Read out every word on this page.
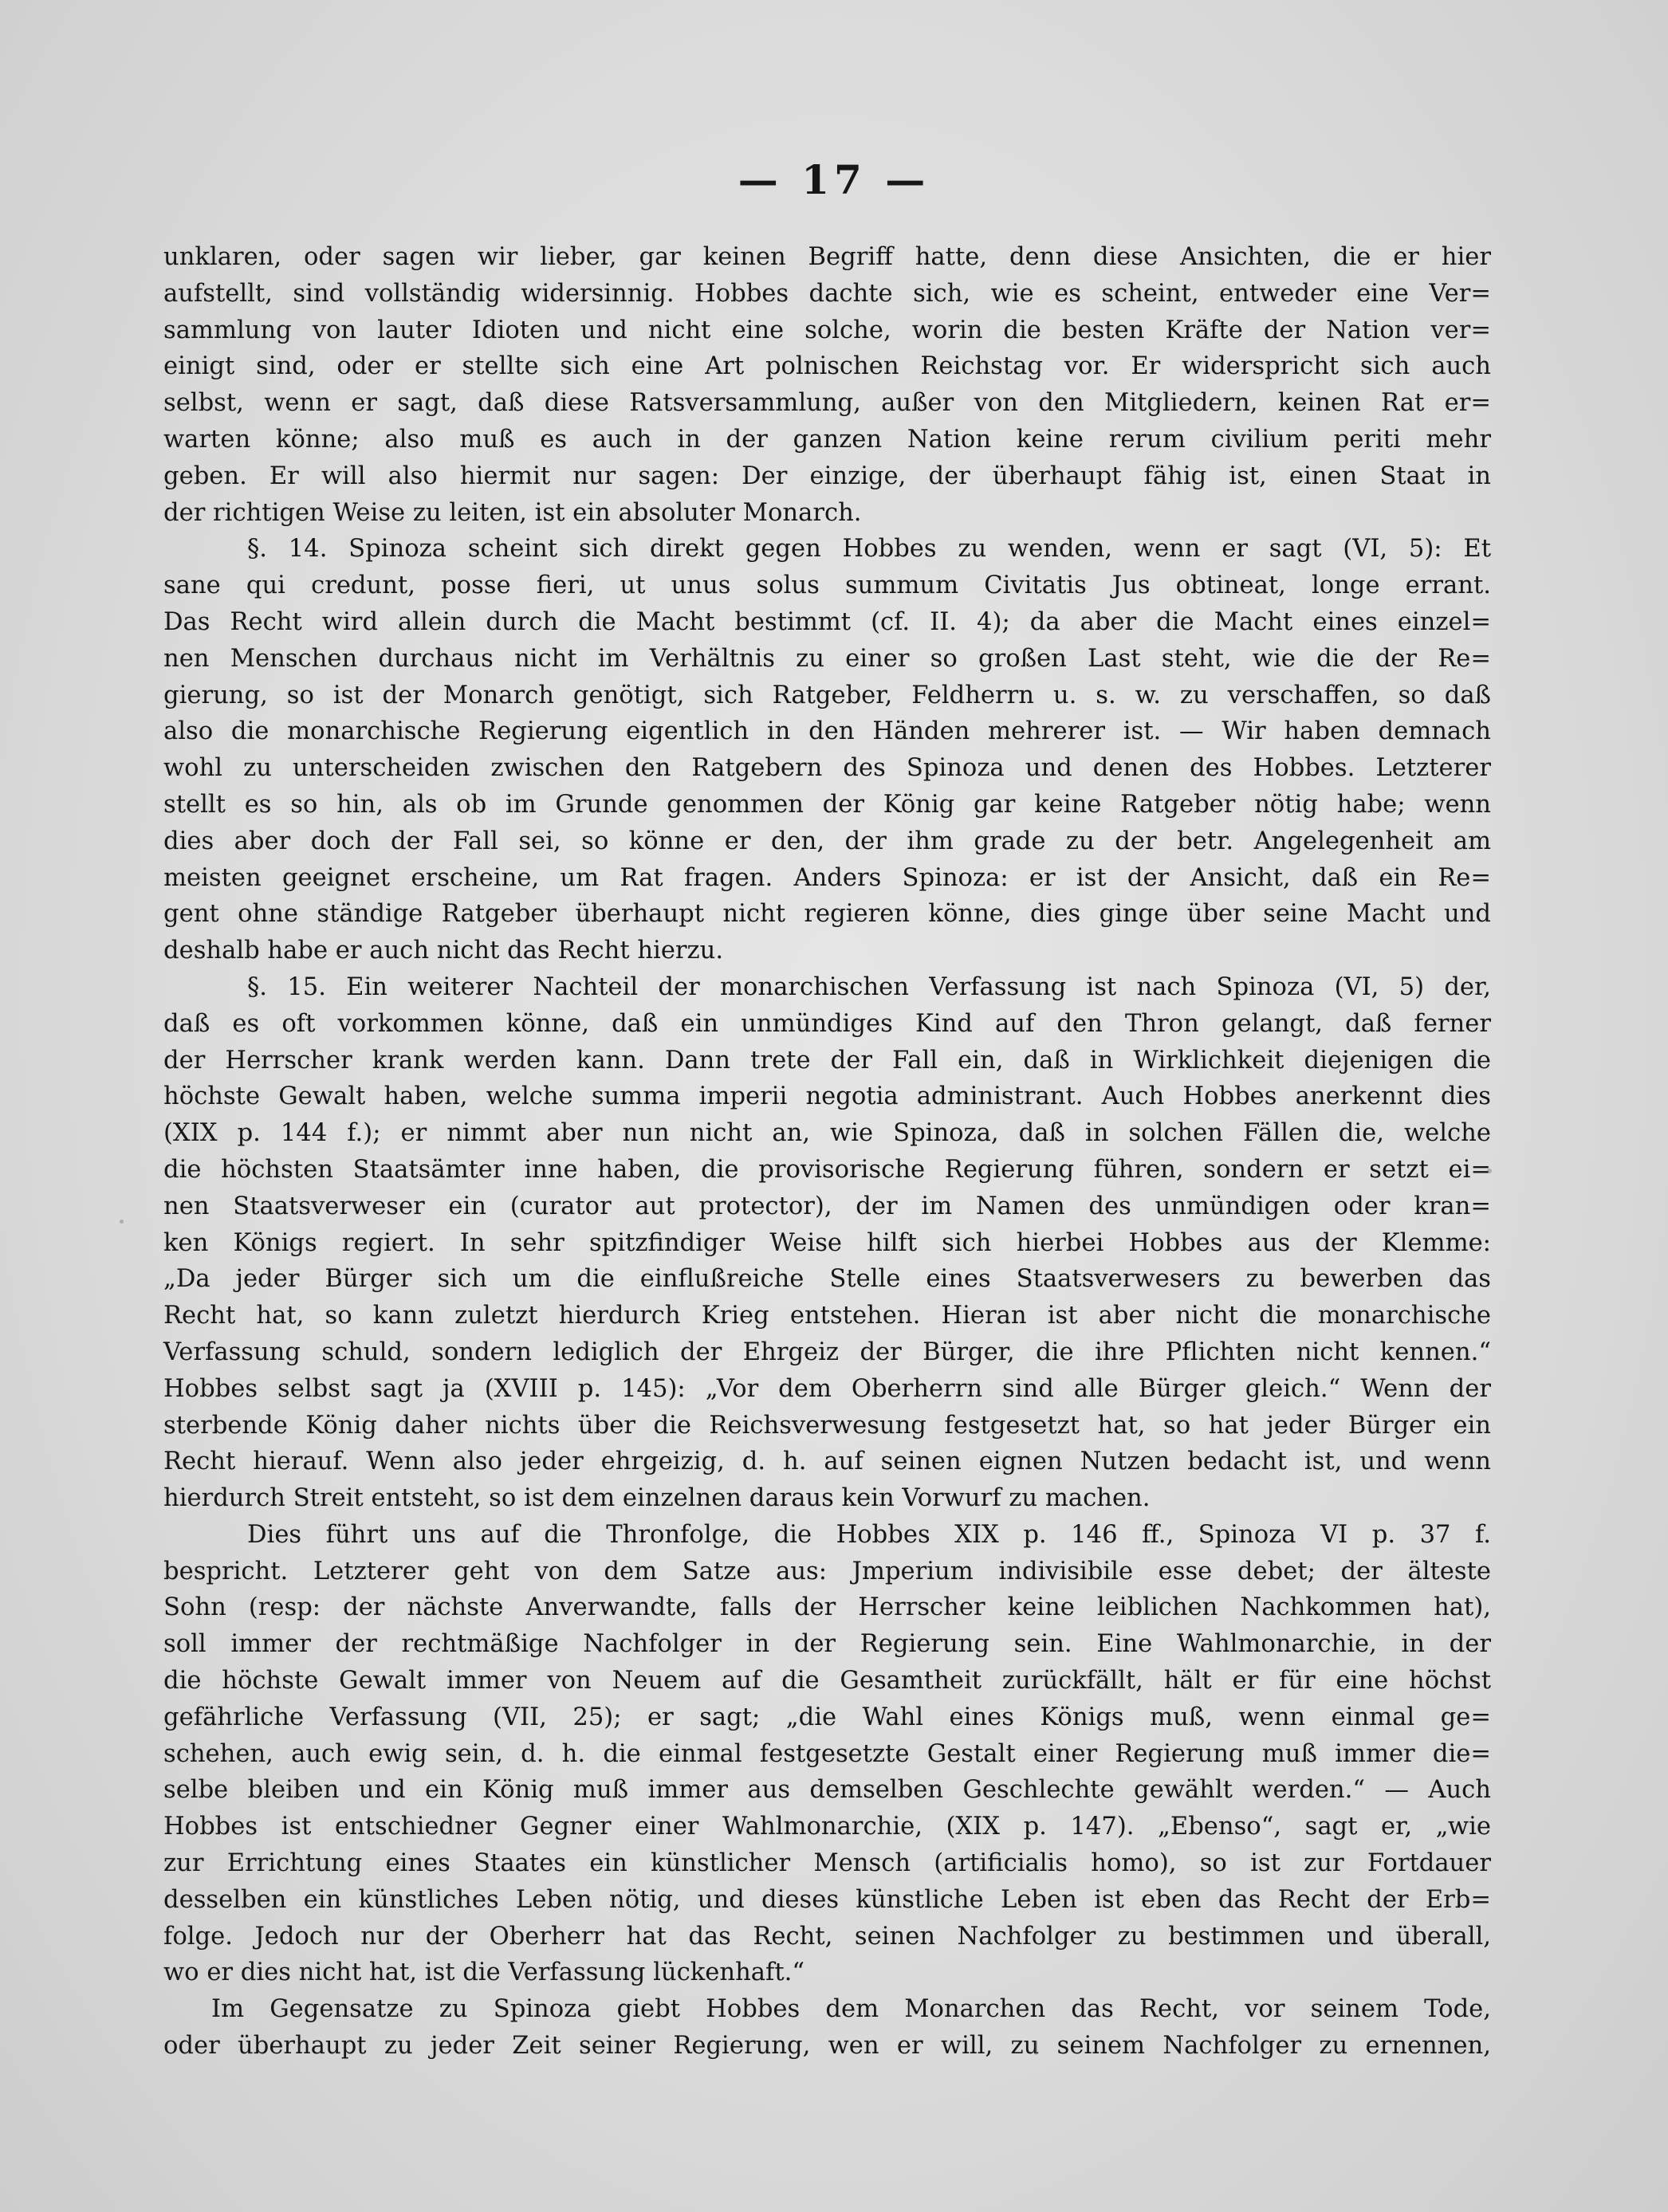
— 17 —
unklaren, oder sagen wir lieber, gar keinen Begriff hatte, denn diese Ansichten, die er hier
aufstellt, sind vollständig widersinnig. Hobbes dachte sich, wie es scheint, entweder eine Ver=
sammlung von lauter Idioten und nicht eine solche, worin die besten Kräfte der Nation ver=
einigt sind, oder er stellte sich eine Art polnischen Reichstag vor. Er widerspricht sich auch
selbst, wenn er sagt, daß diese Ratsversammlung, außer von den Mitgliedern, keinen Rat er=
warten könne; also muß es auch in der ganzen Nation keine rerum civilium periti mehr
geben. Er will also hiermit nur sagen: Der einzige, der überhaupt fähig ist, einen Staat in
der richtigen Weise zu leiten, ist ein absoluter Monarch.
§. 14. Spinoza scheint sich direkt gegen Hobbes zu wenden, wenn er sagt (VI, 5): Et
sane qui credunt, posse fieri, ut unus solus summum Civitatis Jus obtineat, longe errant.
Das Recht wird allein durch die Macht bestimmt (cf. II. 4); da aber die Macht eines einzel=
nen Menschen durchaus nicht im Verhältnis zu einer so großen Last steht, wie die der Re=
gierung, so ist der Monarch genötigt, sich Ratgeber, Feldherrn u. s. w. zu verschaffen, so daß
also die monarchische Regierung eigentlich in den Händen mehrerer ist. — Wir haben demnach
wohl zu unterscheiden zwischen den Ratgebern des Spinoza und denen des Hobbes. Letzterer
stellt es so hin, als ob im Grunde genommen der König gar keine Ratgeber nötig habe; wenn
dies aber doch der Fall sei, so könne er den, der ihm grade zu der betr. Angelegenheit am
meisten geeignet erscheine, um Rat fragen. Anders Spinoza: er ist der Ansicht, daß ein Re=
gent ohne ständige Ratgeber überhaupt nicht regieren könne, dies ginge über seine Macht und
deshalb habe er auch nicht das Recht hierzu.
§. 15. Ein weiterer Nachteil der monarchischen Verfassung ist nach Spinoza (VI, 5) der,
daß es oft vorkommen könne, daß ein unmündiges Kind auf den Thron gelangt, daß ferner
der Herrscher krank werden kann. Dann trete der Fall ein, daß in Wirklichkeit diejenigen die
höchste Gewalt haben, welche summa imperii negotia administrant. Auch Hobbes anerkennt dies
(XIX p. 144 f.); er nimmt aber nun nicht an, wie Spinoza, daß in solchen Fällen die, welche
die höchsten Staatsämter inne haben, die provisorische Regierung führen, sondern er setzt ei=
nen Staatsverweser ein (curator aut protector), der im Namen des unmündigen oder kran=
ken Königs regiert. In sehr spitzfindiger Weise hilft sich hierbei Hobbes aus der Klemme:
„Da jeder Bürger sich um die einflußreiche Stelle eines Staatsverwesers zu bewerben das
Recht hat, so kann zuletzt hierdurch Krieg entstehen. Hieran ist aber nicht die monarchische
Verfassung schuld, sondern lediglich der Ehrgeiz der Bürger, die ihre Pflichten nicht kennen.“
Hobbes selbst sagt ja (XVIII p. 145): „Vor dem Oberherrn sind alle Bürger gleich.“ Wenn der
sterbende König daher nichts über die Reichsverwesung festgesetzt hat, so hat jeder Bürger ein
Recht hierauf. Wenn also jeder ehrgeizig, d. h. auf seinen eignen Nutzen bedacht ist, und wenn
hierdurch Streit entsteht, so ist dem einzelnen daraus kein Vorwurf zu machen.
Dies führt uns auf die Thronfolge, die Hobbes XIX p. 146 ff., Spinoza VI p. 37 f.
bespricht. Letzterer geht von dem Satze aus: Jmperium indivisibile esse debet; der älteste
Sohn (resp: der nächste Anverwandte, falls der Herrscher keine leiblichen Nachkommen hat),
soll immer der rechtmäßige Nachfolger in der Regierung sein. Eine Wahlmonarchie, in der
die höchste Gewalt immer von Neuem auf die Gesamtheit zurückfällt, hält er für eine höchst
gefährliche Verfassung (VII, 25); er sagt; „die Wahl eines Königs muß, wenn einmal ge=
schehen, auch ewig sein, d. h. die einmal festgesetzte Gestalt einer Regierung muß immer die=
selbe bleiben und ein König muß immer aus demselben Geschlechte gewählt werden.“ — Auch
Hobbes ist entschiedner Gegner einer Wahlmonarchie, (XIX p. 147). „Ebenso“, sagt er, „wie
zur Errichtung eines Staates ein künstlicher Mensch (artificialis homo), so ist zur Fortdauer
desselben ein künstliches Leben nötig, und dieses künstliche Leben ist eben das Recht der Erb=
folge. Jedoch nur der Oberherr hat das Recht, seinen Nachfolger zu bestimmen und überall,
wo er dies nicht hat, ist die Verfassung lückenhaft.“
Im Gegensatze zu Spinoza giebt Hobbes dem Monarchen das Recht, vor seinem Tode,
oder überhaupt zu jeder Zeit seiner Regierung, wen er will, zu seinem Nachfolger zu ernennen,
